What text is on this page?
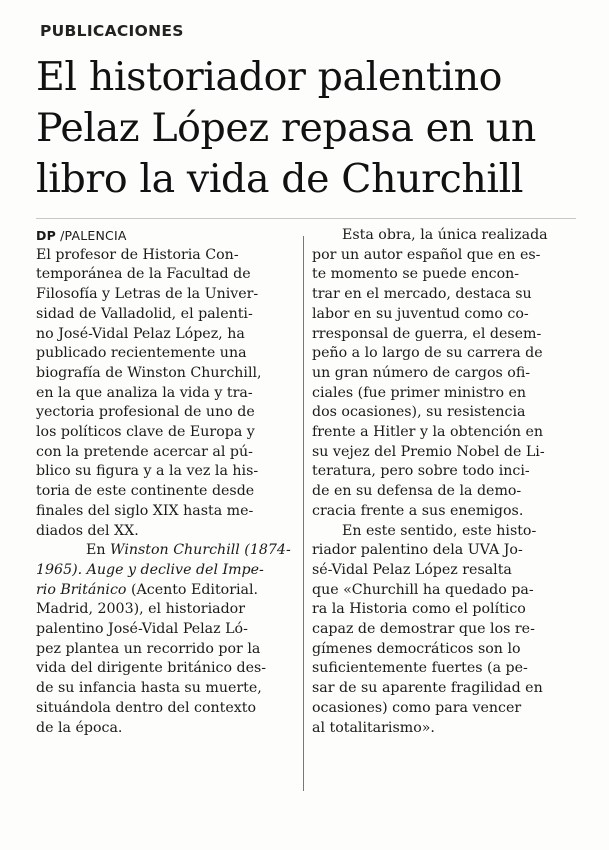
PUBLICACIONES
El historiador palentino
Pelaz López repasa en un
libro la vida de Churchill
DP /PALENCIA
El profesor de Historia Con-
temporánea de la Facultad de
Filosofía y Letras de la Univer-
sidad de Valladolid, el palenti-
no José-Vidal Pelaz López, ha
publicado recientemente una
biografía de Winston Churchill,
en la que analiza la vida y tra-
yectoria profesional de uno de
los políticos clave de Europa y
con la pretende acercar al pú-
blico su figura y a la vez la his-
toria de este continente desde
finales del siglo XIX hasta me-
diados del XX.
En Winston Churchill (1874-
1965). Auge y declive del Impe-
rio Británico (Acento Editorial.
Madrid, 2003), el historiador
palentino José-Vidal Pelaz Ló-
pez plantea un recorrido por la
vida del dirigente británico des-
de su infancia hasta su muerte,
situándola dentro del contexto
de la época.
Esta obra, la única realizada
por un autor español que en es-
te momento se puede encon-
trar en el mercado, destaca su
labor en su juventud como co-
rresponsal de guerra, el desem-
peño a lo largo de su carrera de
un gran número de cargos ofi-
ciales (fue primer ministro en
dos ocasiones), su resistencia
frente a Hitler y la obtención en
su vejez del Premio Nobel de Li-
teratura, pero sobre todo inci-
de en su defensa de la demo-
cracia frente a sus enemigos.
En este sentido, este histo-
riador palentino dela UVA Jo-
sé-Vidal Pelaz López resalta
que «Churchill ha quedado pa-
ra la Historia como el político
capaz de demostrar que los re-
gímenes democráticos son lo
suficientemente fuertes (a pe-
sar de su aparente fragilidad en
ocasiones) como para vencer
al totalitarismo».
